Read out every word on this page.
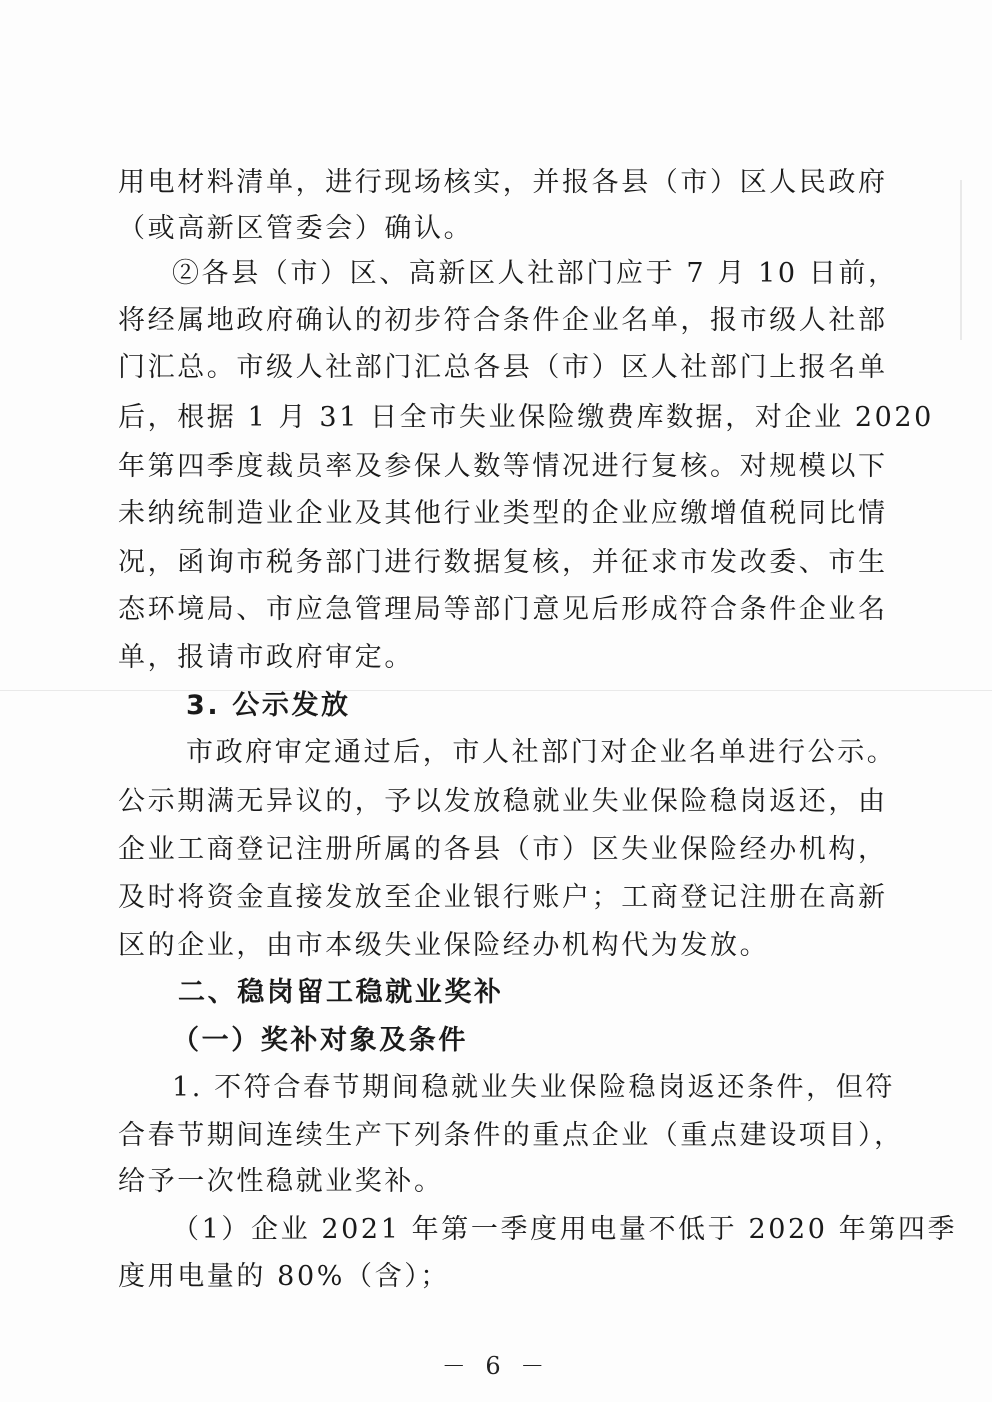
用电材料清单，进行现场核实，并报各县（市）区人民政府
（或高新区管委会）确认。
②各县（市）区、高新区人社部门应于 7 月 10 日前，
将经属地政府确认的初步符合条件企业名单，报市级人社部
门汇总。市级人社部门汇总各县（市）区人社部门上报名单
后，根据 1 月 31 日全市失业保险缴费库数据，对企业 2020
年第四季度裁员率及参保人数等情况进行复核。对规模以下
未纳统制造业企业及其他行业类型的企业应缴增值税同比情
况，函询市税务部门进行数据复核，并征求市发改委、市生
态环境局、市应急管理局等部门意见后形成符合条件企业名
单，报请市政府审定。
3. 公示发放
市政府审定通过后，市人社部门对企业名单进行公示。
公示期满无异议的，予以发放稳就业失业保险稳岗返还，由
企业工商登记注册所属的各县（市）区失业保险经办机构，
及时将资金直接发放至企业银行账户；工商登记注册在高新
区的企业，由市本级失业保险经办机构代为发放。
二、稳岗留工稳就业奖补
（一）奖补对象及条件
1. 不符合春节期间稳就业失业保险稳岗返还条件，但符
合春节期间连续生产下列条件的重点企业（重点建设项目），
给予一次性稳就业奖补。
（1）企业 2021 年第一季度用电量不低于 2020 年第四季
度用电量的 80%（含）；
－ 6 －
